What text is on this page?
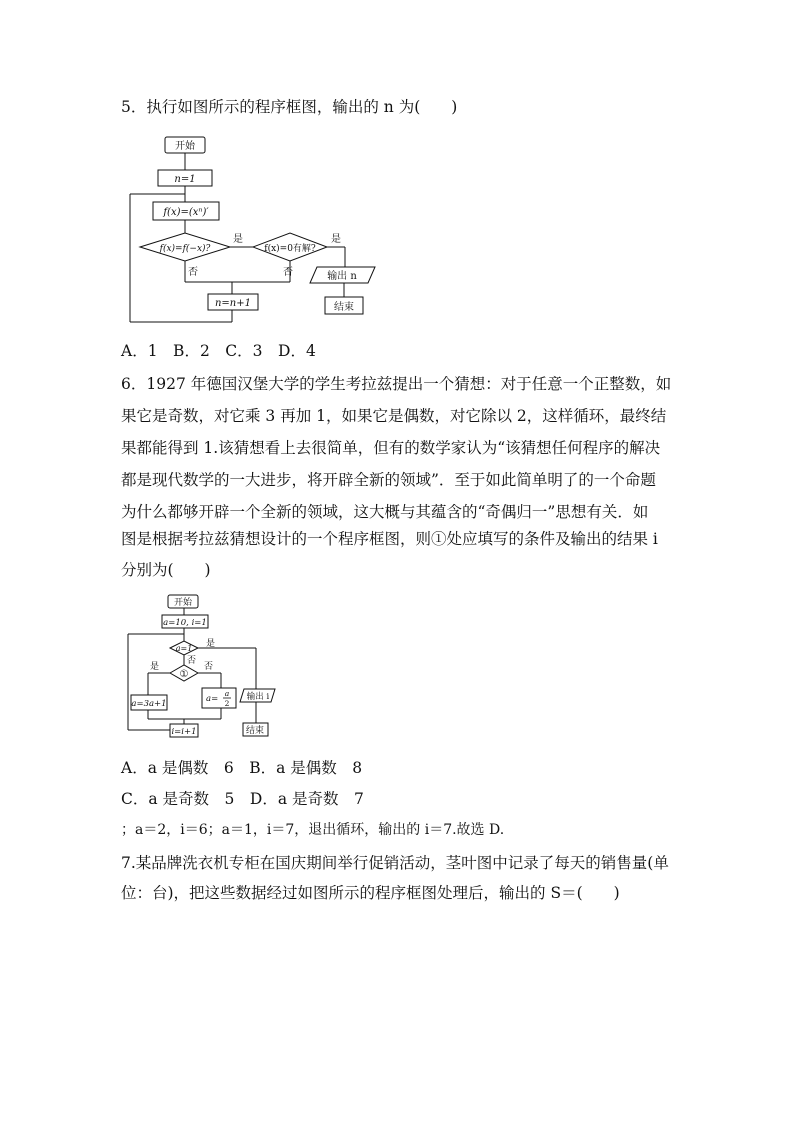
5．执行如图所示的程序框图，输出的 n 为(　　)
开始
n=1
f(x)=(xⁿ)′
f(x)=f(−x)?
是
f(x)=0有解?
是
否	否	输出 n
结束
n=n+1
A．1　B．2　C．3　D．4
6．1927 年德国汉堡大学的学生考拉兹提出一个猜想：对于任意一个正整数，如
果它是奇数，对它乘 3 再加 1，如果它是偶数，对它除以 2，这样循环，最终结
果都能得到 1.该猜想看上去很简单，但有的数学家认为“该猜想任何程序的解决
都是现代数学的一大进步，将开辟全新的领域”．至于如此简单明了的一个命题
为什么都够开辟一个全新的领域，这大概与其蕴含的“奇偶归一”思想有关．如
图是根据考拉兹猜想设计的一个程序框图，则①处应填写的条件及输出的结果 i
分别为(　　)
开始
a=10, i=1
a=1 是
否
①
是	否
a=3a+1	a=
a
2
输出 i
结束
i=i+1
A．a 是偶数　6　B．a 是偶数　8
C．a 是奇数　5　D．a 是奇数　7
；a＝2，i＝6；a＝1，i＝7，退出循环，输出的 i＝7.故选 D.
7.某品牌洗衣机专柜在国庆期间举行促销活动，茎叶图中记录了每天的销售量(单
位：台)，把这些数据经过如图所示的程序框图处理后，输出的 S＝(　　)
